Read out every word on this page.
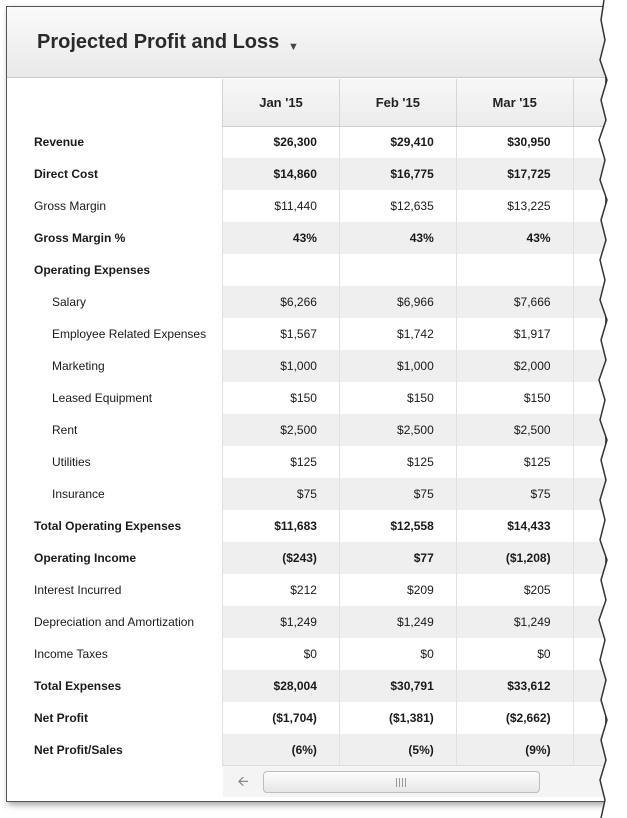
Projected Profit and Loss ▼
	Jan '15	Feb '15	Mar '15	
Revenue	$26,300	$29,410	$30,950	
Direct Cost	$14,860	$16,775	$17,725	
Gross Margin	$11,440	$12,635	$13,225	
Gross Margin %	43%	43%	43%	
Operating Expenses				
Salary	$6,266	$6,966	$7,666	
Employee Related Expenses	$1,567	$1,742	$1,917	
Marketing	$1,000	$1,000	$2,000	
Leased Equipment	$150	$150	$150	
Rent	$2,500	$2,500	$2,500	
Utilities	$125	$125	$125	
Insurance	$75	$75	$75	
Total Operating Expenses	$11,683	$12,558	$14,433	
Operating Income	($243)	$77	($1,208)	
Interest Incurred	$212	$209	$205	
Depreciation and Amortization	$1,249	$1,249	$1,249	
Income Taxes	$0	$0	$0	
Total Expenses	$28,004	$30,791	$33,612	
Net Profit	($1,704)	($1,381)	($2,662)	
Net Profit/Sales	(6%)	(5%)	(9%)	
🡨
